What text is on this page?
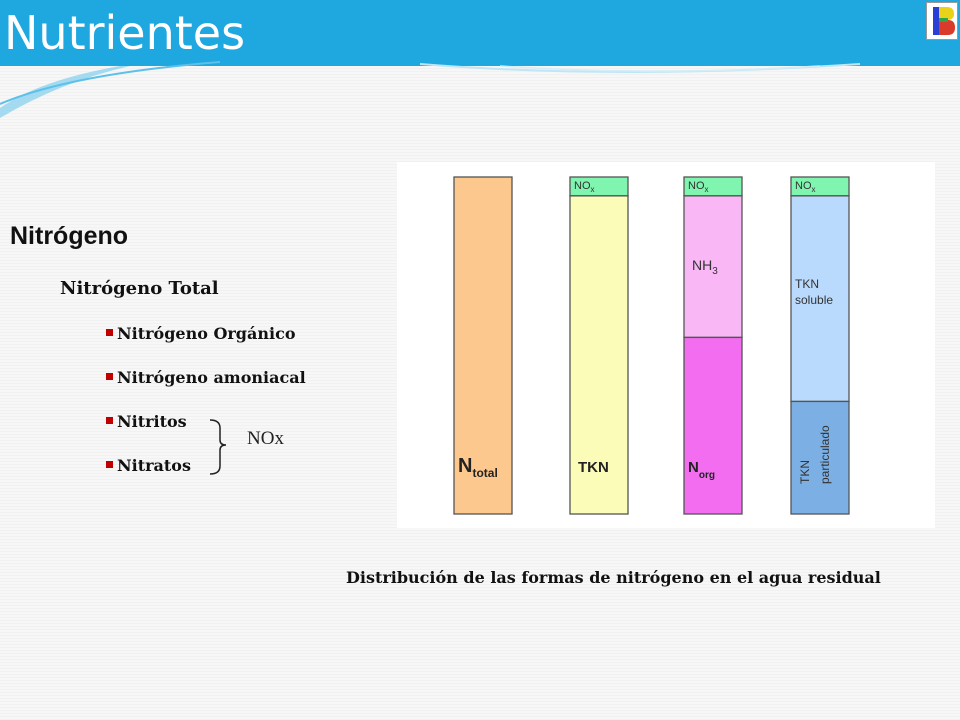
Nutrientes
Nitrógeno
Nitrógeno Total
Nitrógeno Orgánico
Nitrógeno amoniacal
Nitritos
Nitratos
NOx
$N_{total}$
$NO_x$
TKN
$NO_x$
$NH_3$
$N_{org}$
$NO_x$
TKN
soluble
TKN particulado
Distribución de las formas de nitrógeno en el agua residual
